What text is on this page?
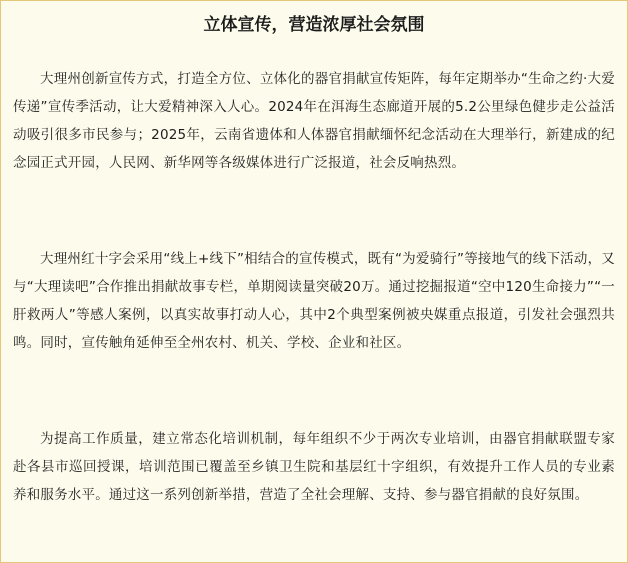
立体宣传，营造浓厚社会氛围

大理州创新宣传方式，打造全方位、立体化的器官捐献宣传矩阵，每年定期举办“生命之约·大爱传递”宣传季活动，让大爱精神深入人心。2024年在洱海生态廊道开展的5.2公里绿色健步走公益活动吸引很多市民参与；2025年，云南省遗体和人体器官捐献缅怀纪念活动在大理举行，新建成的纪念园正式开园，人民网、新华网等各级媒体进行广泛报道，社会反响热烈。

大理州红十字会采用“线上+线下”相结合的宣传模式，既有“为爱骑行”等接地气的线下活动，又与“大理读吧”合作推出捐献故事专栏，单期阅读量突破20万。通过挖掘报道“空中120生命接力”“一肝救两人”等感人案例，以真实故事打动人心，其中2个典型案例被央媒重点报道，引发社会强烈共鸣。同时，宣传触角延伸至全州农村、机关、学校、企业和社区。

为提高工作质量，建立常态化培训机制，每年组织不少于两次专业培训，由器官捐献联盟专家赴各县市巡回授课，培训范围已覆盖至乡镇卫生院和基层红十字组织，有效提升工作人员的专业素养和服务水平。通过这一系列创新举措，营造了全社会理解、支持、参与器官捐献的良好氛围。
